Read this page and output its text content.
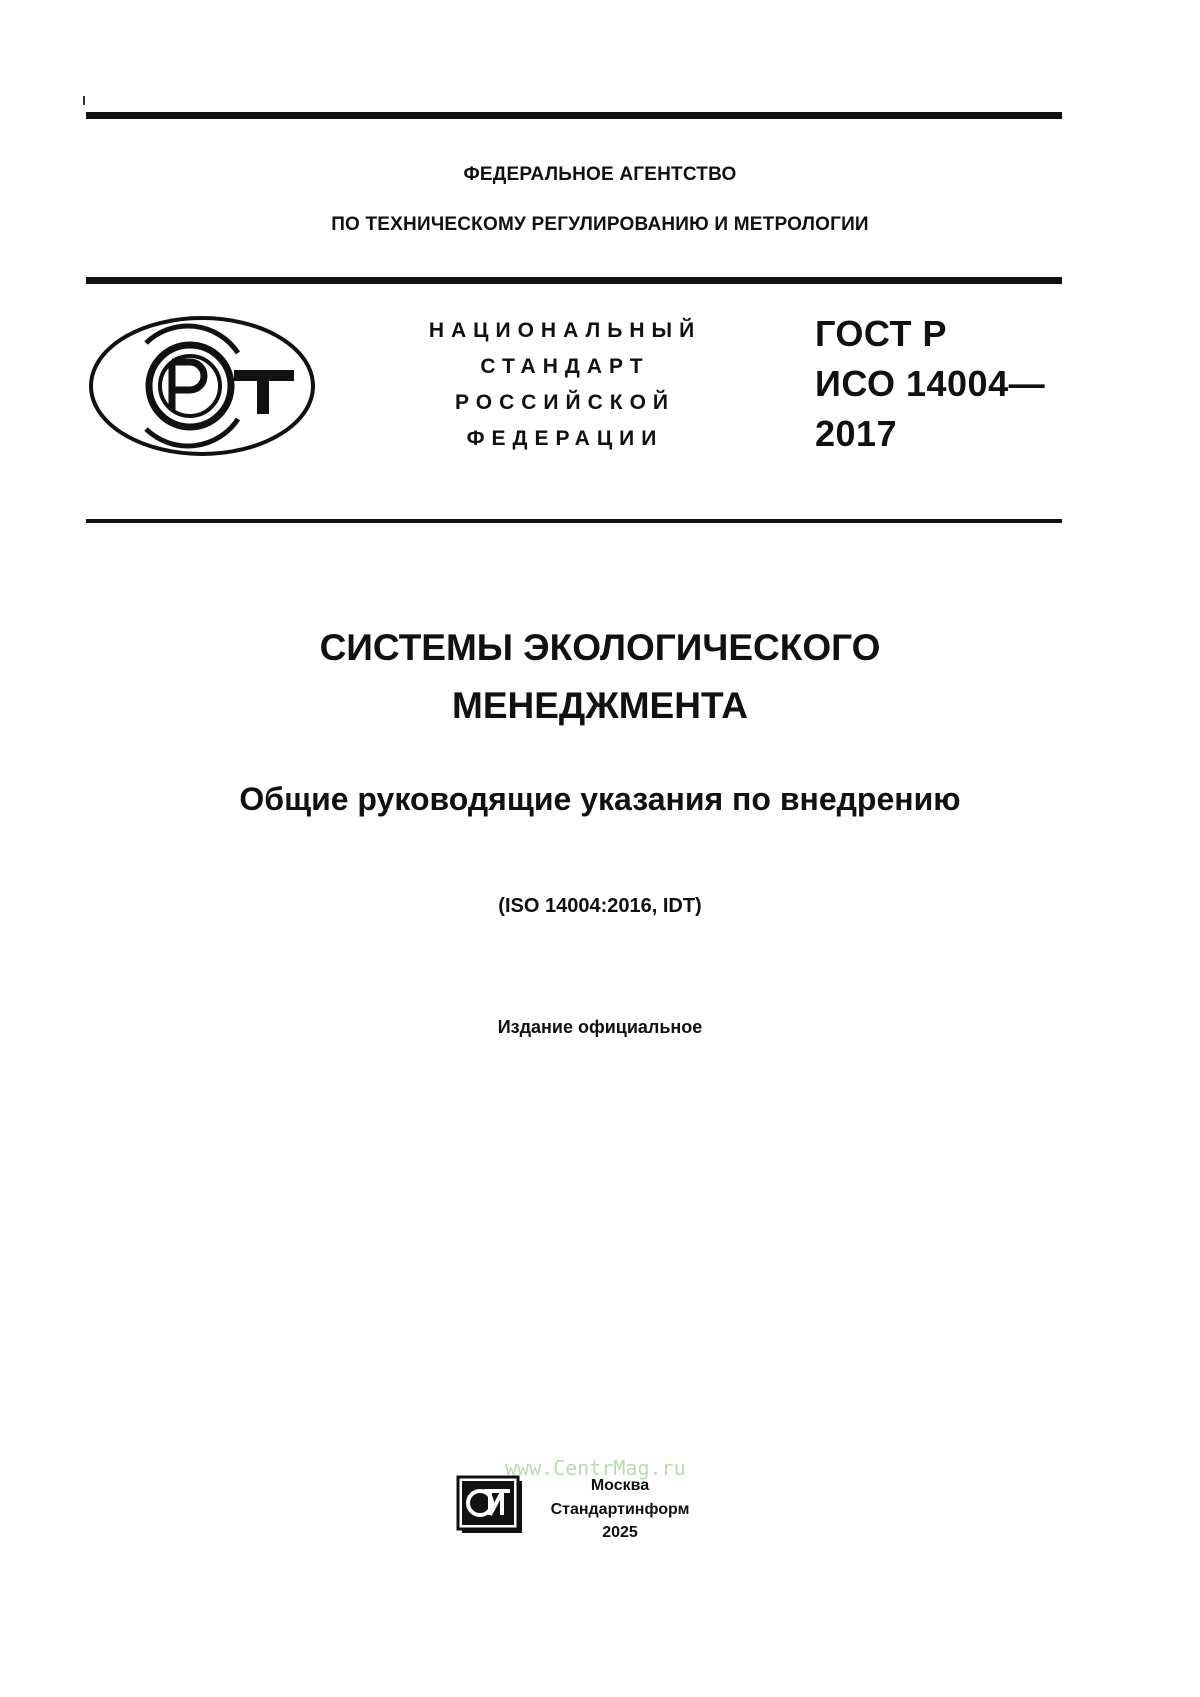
ФЕДЕРАЛЬНОЕ АГЕНТСТВО
ПО ТЕХНИЧЕСКОМУ РЕГУЛИРОВАНИЮ И МЕТРОЛОГИИ
НАЦИОНАЛЬНЫЙ
СТАНДАРТ
РОССИЙСКОЙ
ФЕДЕРАЦИИ
ГОСТ Р
ИСО 14004—
2017
СИСТЕМЫ ЭКОЛОГИЧЕСКОГО
МЕНЕДЖМЕНТА
Общие руководящие указания по внедрению
(ISO 14004:2016, IDT)
Издание официальное
www.CentrMag.ru
Москва
Стандартинформ
2025
